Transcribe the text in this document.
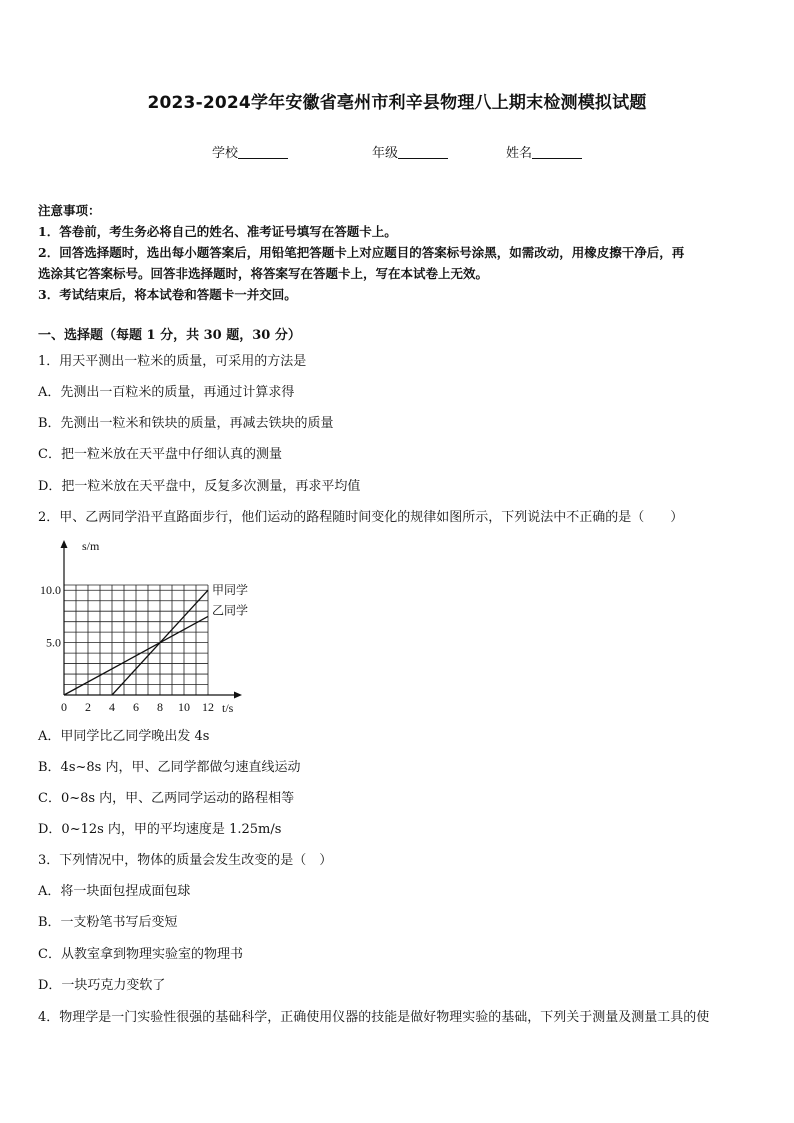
2023-2024学年安徽省亳州市利辛县物理八上期末检测模拟试题
学校	年级	姓名
注意事项：
1．答卷前，考生务必将自己的姓名、准考证号填写在答题卡上。
2．回答选择题时，选出每小题答案后，用铅笔把答题卡上对应题目的答案标号涂黑，如需改动，用橡皮擦干净后，再
选涂其它答案标号。回答非选择题时，将答案写在答题卡上，写在本试卷上无效。
3．考试结束后，将本试卷和答题卡一并交回。
一、选择题（每题 1 分，共 30 题，30 分）
1．用天平测出一粒米的质量，可采用的方法是
A．先测出一百粒米的质量，再通过计算求得
B．先测出一粒米和铁块的质量，再减去铁块的质量
C．把一粒米放在天平盘中仔细认真的测量
D．把一粒米放在天平盘中，反复多次测量，再求平均值
2．甲、乙两同学沿平直路面步行，他们运动的路程随时间变化的规律如图所示，下列说法中不正确的是（　　）
甲同学
乙同学
0 2 4 6 8 10 12 t/s
5.0
10.0
s/m
A．甲同学比乙同学晚出发 4s
B．4s~8s 内，甲、乙同学都做匀速直线运动
C．0~8s 内，甲、乙两同学运动的路程相等
D．0~12s 内，甲的平均速度是 1.25m/s
3．下列情况中，物体的质量会发生改变的是（　）
A．将一块面包捏成面包球
B．一支粉笔书写后变短
C．从教室拿到物理实验室的物理书
D．一块巧克力变软了
4．物理学是一门实验性很强的基础科学，正确使用仪器的技能是做好物理实验的基础，下列关于测量及测量工具的使
